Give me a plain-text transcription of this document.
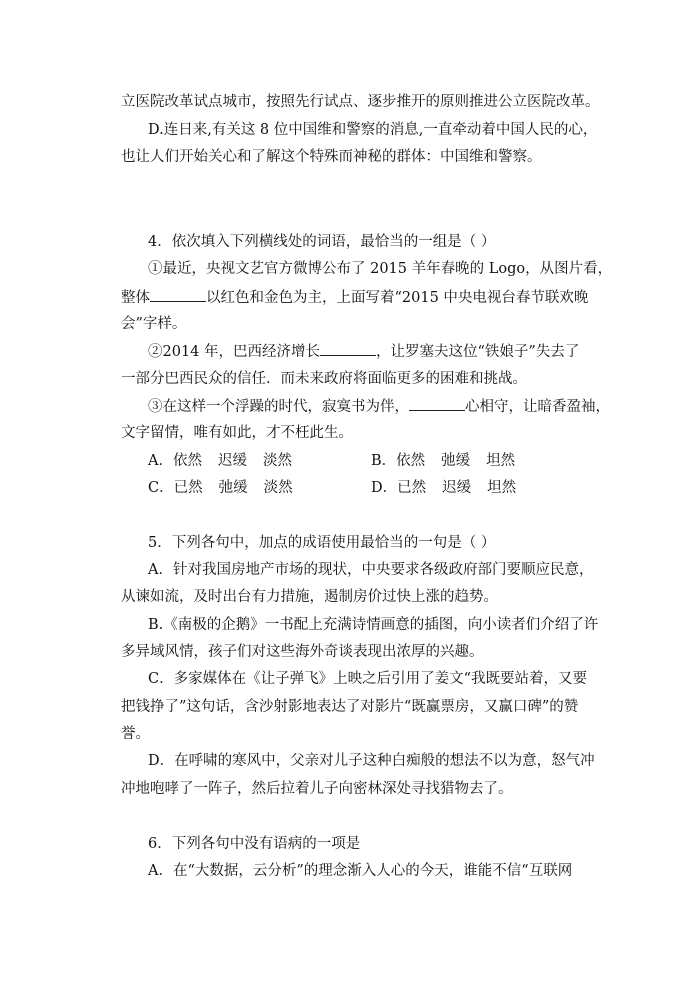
立医院改革试点城市，按照先行试点、逐步推开的原则推进公立医院改革。
D.连日来,有关这 8 位中国维和警察的消息,一直牵动着中国人民的心，
也让人们开始关心和了解这个特殊而神秘的群体：中国维和警察。
4．依次填入下列横线处的词语，最恰当的一组是（ ）
①最近，央视文艺官方微博公布了 2015 羊年春晚的 Logo，从图片看，
整体	以红色和金色为主，上面写着“2015 中央电视台春节联欢晚
会”字样。
②2014 年，巴西经济增长	，让罗塞夫这位“铁娘子”失去了
一部分巴西民众的信任．而未来政府将面临更多的困难和挑战。
③在这样一个浮躁的时代，寂寞书为伴，	心相守，让暗香盈袖，
文字留情，唯有如此，才不枉此生。
A．依然 迟缓 淡然	B．依然 弛缓 坦然
C．已然 弛缓 淡然	D．已然 迟缓 坦然
5．下列各句中，加点的成语使用最恰当的一句是（ ）
A．针对我国房地产市场的现状，中央要求各级政府部门要顺应民意，
从谏如流，及时出台有力措施，遏制房价过快上涨的趋势。
B.《南极的企鹅》一书配上充满诗情画意的插图，向小读者们介绍了许
多异域风情，孩子们对这些海外奇谈表现出浓厚的兴趣。
C．多家媒体在《让子弹飞》上映之后引用了姜文“我既要站着，又要
把钱挣了”这句话，含沙射影地表达了对影片“既赢票房，又赢口碑”的赞
誉。
D．在呼啸的寒风中，父亲对儿子这种白痴般的想法不以为意，怒气冲
冲地咆哮了一阵子，然后拉着儿子向密林深处寻找猎物去了。
6．下列各句中没有语病的一项是
A．在“大数据，云分析”的理念渐入人心的今天，谁能不信“互联网
